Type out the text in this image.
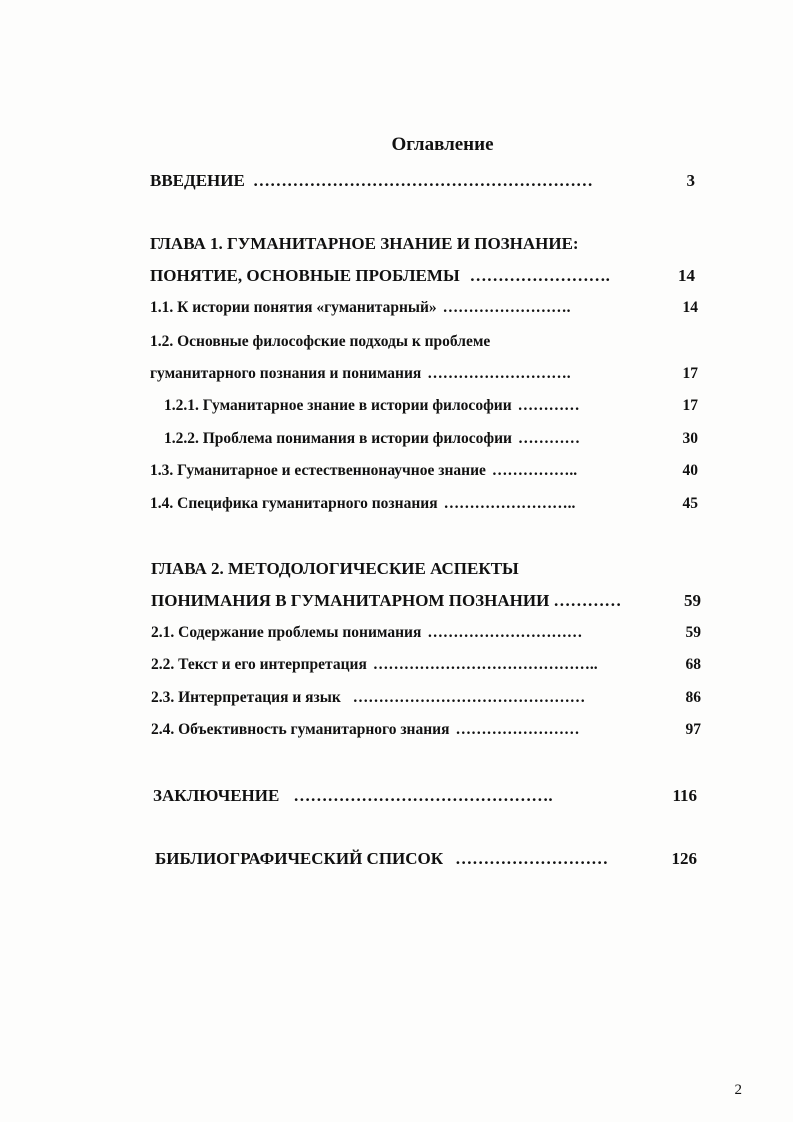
Оглавление
ВВЕДЕНИЕ ……………………………………………………	3
ГЛАВА 1. ГУМАНИТАРНОЕ ЗНАНИЕ И ПОЗНАНИЕ:
ПОНЯТИЕ, ОСНОВНЫЕ ПРОБЛЕМЫ …………………….	14
1.1. К истории понятия «гуманитарный» …………………….	14
1.2. Основные философские подходы к проблеме
гуманитарного познания и понимания ……………………….	17
1.2.1. Гуманитарное знание в истории философии …………	17
1.2.2. Проблема понимания в истории философии …………	30
1.3. Гуманитарное и естественнонаучное знание ……………..	40
1.4. Специфика гуманитарного познания ……………………..	45
ГЛАВА 2. МЕТОДОЛОГИЧЕСКИЕ АСПЕКТЫ
ПОНИМАНИЯ В ГУМАНИТАРНОМ ПОЗНАНИИ …………	59
2.1. Содержание проблемы понимания …………………………	59
2.2. Текст и его интерпретация ……………………………………..	68
2.3. Интерпретация и язык ………………………………………	86
2.4. Объективность гуманитарного знания ……………………	97
ЗАКЛЮЧЕНИЕ ……………………………………….	116
БИБЛИОГРАФИЧЕСКИЙ СПИСОК ………………………	126
2
